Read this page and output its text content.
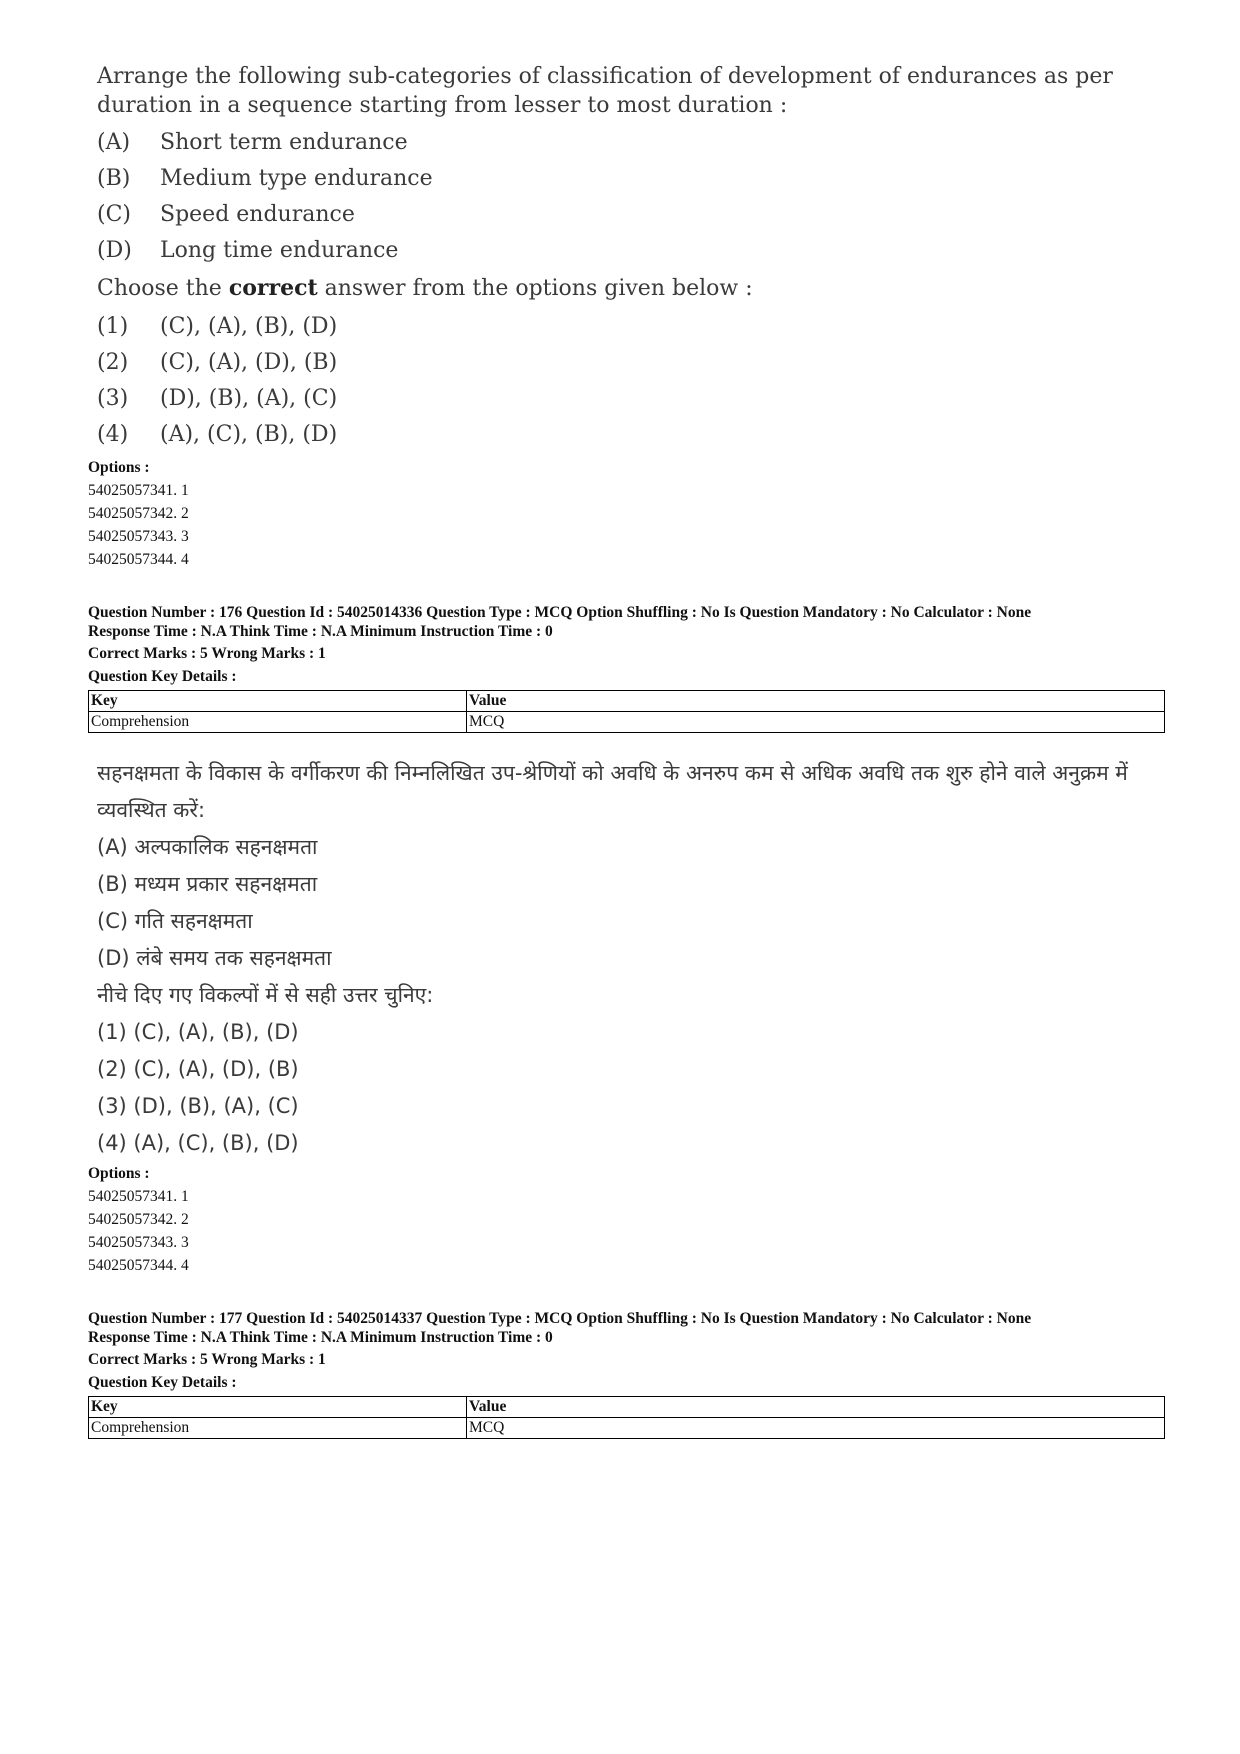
Arrange the following sub-categories of classification of development of endurances as per duration in a sequence starting from lesser to most duration :
(A)	Short term endurance
(B)	Medium type endurance
(C)	Speed endurance
(D)	Long time endurance
Choose the correct answer from the options given below :
(1)	(C), (A), (B), (D)
(2)	(C), (A), (D), (B)
(3)	(D), (B), (A), (C)
(4)	(A), (C), (B), (D)
Options :
54025057341. 1
54025057342. 2
54025057343. 3
54025057344. 4
Question Number : 176 Question Id : 54025014336 Question Type : MCQ Option Shuffling : No Is Question Mandatory : No Calculator : None
Response Time : N.A Think Time : N.A Minimum Instruction Time : 0
Correct Marks : 5 Wrong Marks : 1
Question Key Details :
Key	Value
Comprehension	MCQ
सहनक्षमता के विकास के वर्गीकरण की निम्नलिखित उप-श्रेणियों को अवधि के अनरुप कम से अधिक अवधि तक शुरु होने वाले अनुक्रम में व्यवस्थित करें:
(A) अल्पकालिक सहनक्षमता
(B) मध्यम प्रकार सहनक्षमता
(C) गति सहनक्षमता
(D) लंबे समय तक सहनक्षमता
नीचे दिए गए विकल्पों में से सही उत्तर चुनिए:
(1) (C), (A), (B), (D)
(2) (C), (A), (D), (B)
(3) (D), (B), (A), (C)
(4) (A), (C), (B), (D)
Options :
54025057341. 1
54025057342. 2
54025057343. 3
54025057344. 4
Question Number : 177 Question Id : 54025014337 Question Type : MCQ Option Shuffling : No Is Question Mandatory : No Calculator : None
Response Time : N.A Think Time : N.A Minimum Instruction Time : 0
Correct Marks : 5 Wrong Marks : 1
Question Key Details :
Key	Value
Comprehension	MCQ
